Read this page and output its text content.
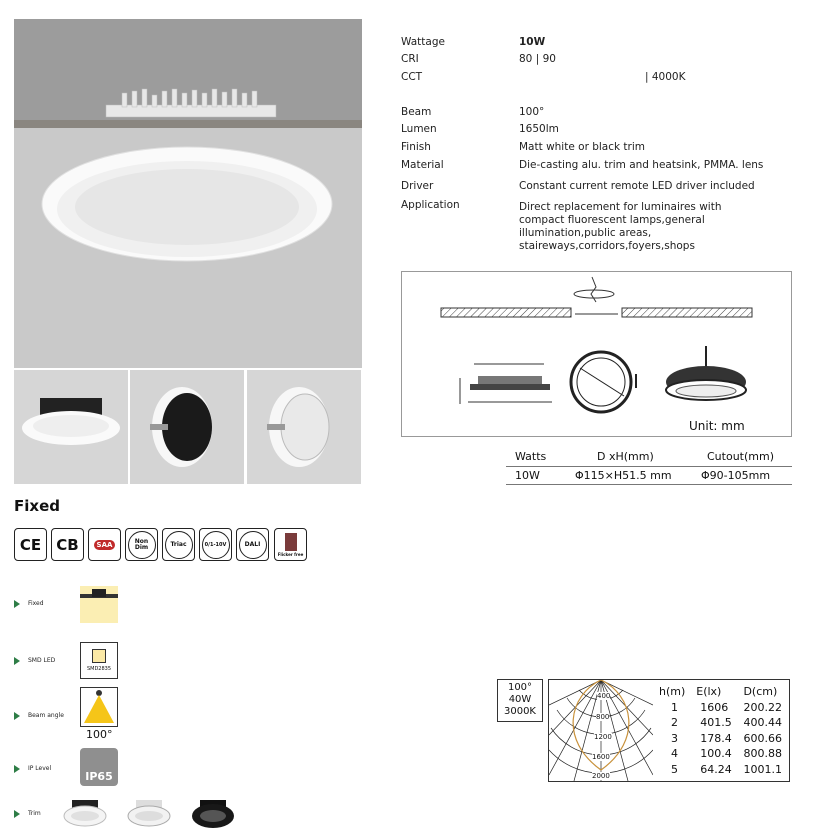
Wattage	10W
CRI	80 | 90
CCT	| 4000K
Beam	100°
Lumen	1650lm
Finish	Matt white or black trim
Material	Die-casting alu. trim and heatsink, PMMA. lens
Driver	Constant current remote LED driver included
Application	Direct replacement for luminaires with compact fluorescent lamps,general illumination,public areas, staireways,corridors,foyers,shops
Unit: mm
Watts	D xH(mm)	Cutout(mm)
10W	Φ115×H51.5 mm	Φ90-105mm
Fixed
CE	CB	SAA	Non Dim	Triac	0/1-10V	DALI
Flicker free
Fixed
SMD LED
SMD2835
Beam angle
100°
IP Level
IP65
Trim
100°
40W
3000K
400
800
1200
1600
2000
h(m)	E(lx)	D(cm)
1	1606	200.22
2	401.5	400.44
3	178.4	600.66
4	100.4	800.88
5	64.24	1001.1
